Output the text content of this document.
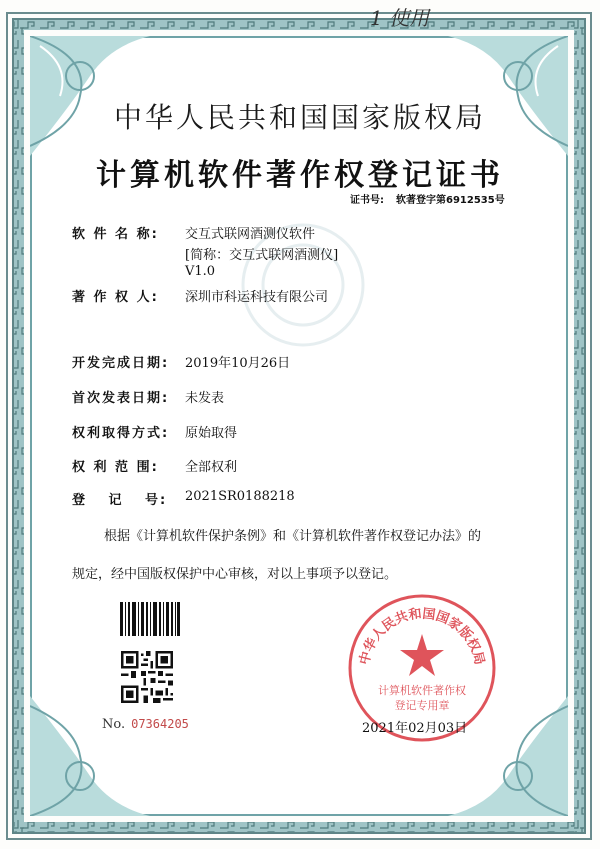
1 使用
中华人民共和国国家版权局
计算机软件著作权登记证书
证书号: 软著登字第6912535号
软 件 名 称: 交互式联网酒测仪软件
[简称：交互式联网酒测仪]
V1.0
著 作 权 人: 深圳市科运科技有限公司
开发完成日期: 2019年10月26日
首次发表日期: 未发表
权利取得方式: 原始取得
权 利 范 围: 全部权利
登　 记　 号: 2021SR0188218
根据《计算机软件保护条例》和《计算机软件著作权登记办法》的
规定，经中国版权保护中心审核，对以上事项予以登记。
No. 07364205
中华人民共和国国家版权局
计算机软件著作权
登记专用章
2021年02月03日
